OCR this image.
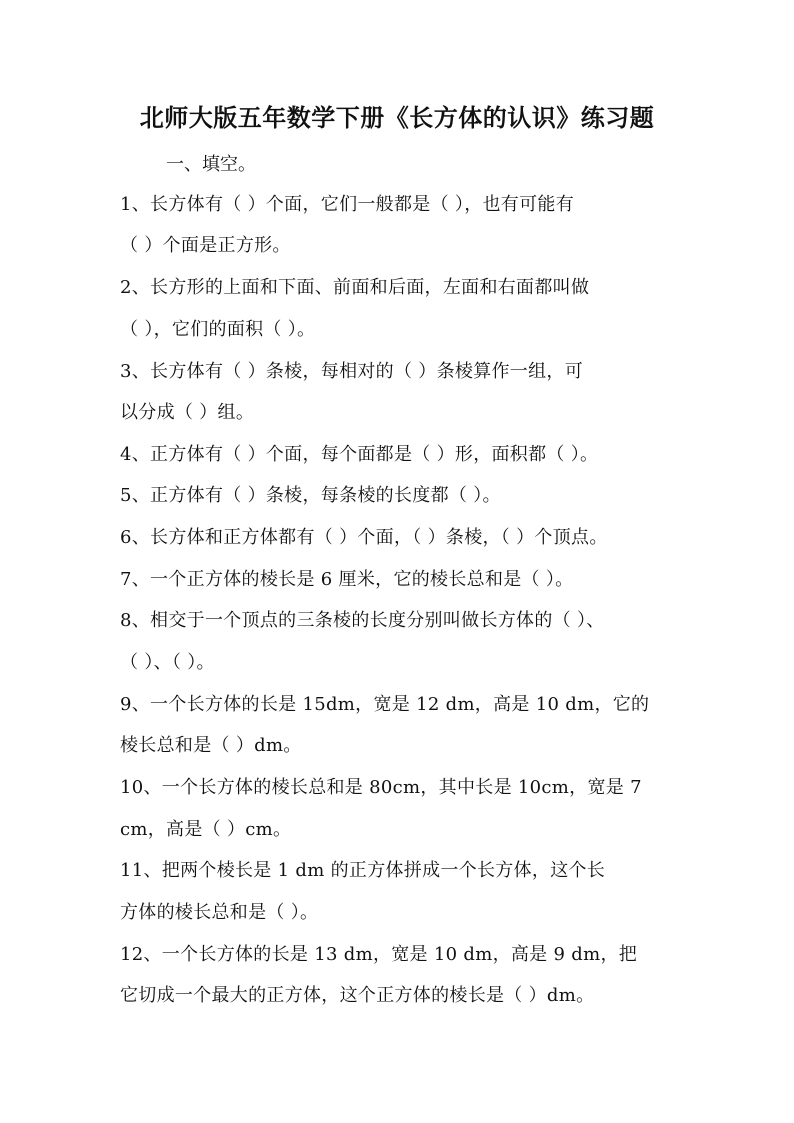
北师大版五年数学下册《长方体的认识》练习题
一、填空。
1、长方体有（ ）个面，它们一般都是（ ），也有可能有
（ ）个面是正方形。
2、长方形的上面和下面、前面和后面，左面和右面都叫做
（ ），它们的面积（ ）。
3、长方体有（ ）条棱，每相对的（ ）条棱算作一组，可
以分成（ ）组。
4、正方体有（ ）个面，每个面都是（ ）形，面积都（ ）。
5、正方体有（ ）条棱，每条棱的长度都（ ）。
6、长方体和正方体都有（ ）个面，（ ）条棱，（ ）个顶点。
7、一个正方体的棱长是 6 厘米，它的棱长总和是（ ）。
8、相交于一个顶点的三条棱的长度分别叫做长方体的（ ）、
（ ）、（ ）。
9、一个长方体的长是 15dm，宽是 12 dm，高是 10 dm，它的
棱长总和是（ ）dm。
10、一个长方体的棱长总和是 80cm，其中长是 10cm，宽是 7
cm，高是（ ）cm。
11、把两个棱长是 1 dm 的正方体拼成一个长方体，这个长
方体的棱长总和是（ ）。
12、一个长方体的长是 13 dm，宽是 10 dm，高是 9 dm，把
它切成一个最大的正方体，这个正方体的棱长是（ ）dm。
